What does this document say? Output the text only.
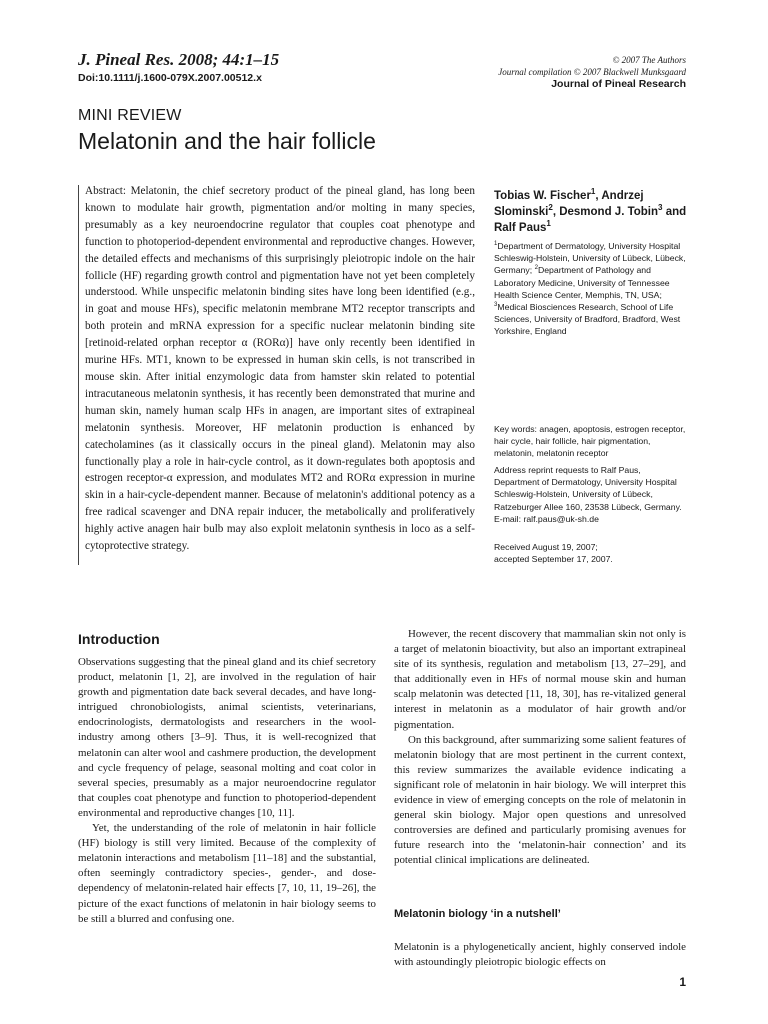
J. Pineal Res. 2008; 44:1–15
Doi:10.1111/j.1600-079X.2007.00512.x
© 2007 The Authors
Journal compilation © 2007 Blackwell Munksgaard
Journal of Pineal Research
MINI REVIEW
Melatonin and the hair follicle
Abstract: Melatonin, the chief secretory product of the pineal gland, has long been known to modulate hair growth, pigmentation and/or molting in many species, presumably as a key neuroendocrine regulator that couples coat phenotype and function to photoperiod-dependent environmental and reproductive changes. However, the detailed effects and mechanisms of this surprisingly pleiotropic indole on the hair follicle (HF) regarding growth control and pigmentation have not yet been completely understood. While unspecific melatonin binding sites have long been identified (e.g., in goat and mouse HFs), specific melatonin membrane MT2 receptor transcripts and both protein and mRNA expression for a specific nuclear melatonin binding site [retinoid-related orphan receptor α (RORα)] have only recently been identified in murine HFs. MT1, known to be expressed in human skin cells, is not transcribed in mouse skin. After initial enzymologic data from hamster skin related to potential intracutaneous melatonin synthesis, it has recently been demonstrated that murine and human skin, namely human scalp HFs in anagen, are important sites of extrapineal melatonin synthesis. Moreover, HF melatonin production is enhanced by catecholamines (as it classically occurs in the pineal gland). Melatonin may also functionally play a role in hair-cycle control, as it down-regulates both apoptosis and estrogen receptor-α expression, and modulates MT2 and RORα expression in murine skin in a hair-cycle-dependent manner. Because of melatonin's additional potency as a free radical scavenger and DNA repair inducer, the metabolically and proliferatively highly active anagen hair bulb may also exploit melatonin synthesis in loco as a self-cytoprotective strategy.
Tobias W. Fischer$^1$, Andrzej Slominski$^2$, Desmond J. Tobin$^3$ and Ralf Paus$^1$
$^1$Department of Dermatology, University Hospital Schleswig-Holstein, University of Lübeck, Lübeck, Germany; $^2$Department of Pathology and Laboratory Medicine, University of Tennessee Health Science Center, Memphis, TN, USA; $^3$Medical Biosciences Research, School of Life Sciences, University of Bradford, Bradford, West Yorkshire, England
Key words: anagen, apoptosis, estrogen receptor, hair cycle, hair follicle, hair pigmentation, melatonin, melatonin receptor
Address reprint requests to Ralf Paus, Department of Dermatology, University Hospital Schleswig-Holstein, University of Lübeck, Ratzeburger Allee 160, 23538 Lübeck, Germany.
E-mail: ralf.paus@uk-sh.de
Received August 19, 2007;
accepted September 17, 2007.
Introduction

Observations suggesting that the pineal gland and its chief secretory product, melatonin [1, 2], are involved in the regulation of hair growth and pigmentation date back several decades, and have long-intrigued chronobiologists, animal scientists, veterinarians, endocrinologists, dermatologists and researchers in the wool-industry among others [3–9]. Thus, it is well-recognized that melatonin can alter wool and cashmere production, the development and cycle frequency of pelage, seasonal molting and coat color in several species, presumably as a major neuroendocrine regulator that couples coat phenotype and function to photoperiod-dependent environmental and reproductive changes [10, 11].

Yet, the understanding of the role of melatonin in hair follicle (HF) biology is still very limited. Because of the complexity of melatonin interactions and metabolism [11–18] and the substantial, often seemingly contradictory species-, gender-, and dose-dependency of melatonin-related hair effects [7, 10, 11, 19–26], the picture of the exact functions of melatonin in hair biology seems to be still a blurred and confusing one.

However, the recent discovery that mammalian skin not only is a target of melatonin bioactivity, but also an important extrapineal site of its synthesis, regulation and metabolism [13, 27–29], and that additionally even in HFs of normal mouse skin and human scalp melatonin was detected [11, 18, 30], has re-vitalized general interest in melatonin as a modulator of hair growth and/or pigmentation.

On this background, after summarizing some salient features of melatonin biology that are most pertinent in the current context, this review summarizes the available evidence indicating a significant role of melatonin in hair biology. We will interpret this evidence in view of emerging concepts on the role of melatonin in general skin biology. Major open questions and unresolved controversies are defined and particularly promising avenues for future research into the ‘melatonin-hair connection’ and its potential clinical implications are delineated.

Melatonin biology ‘in a nutshell’

Melatonin is a phylogenetically ancient, highly conserved indole with astoundingly pleiotropic biologic effects on

1
